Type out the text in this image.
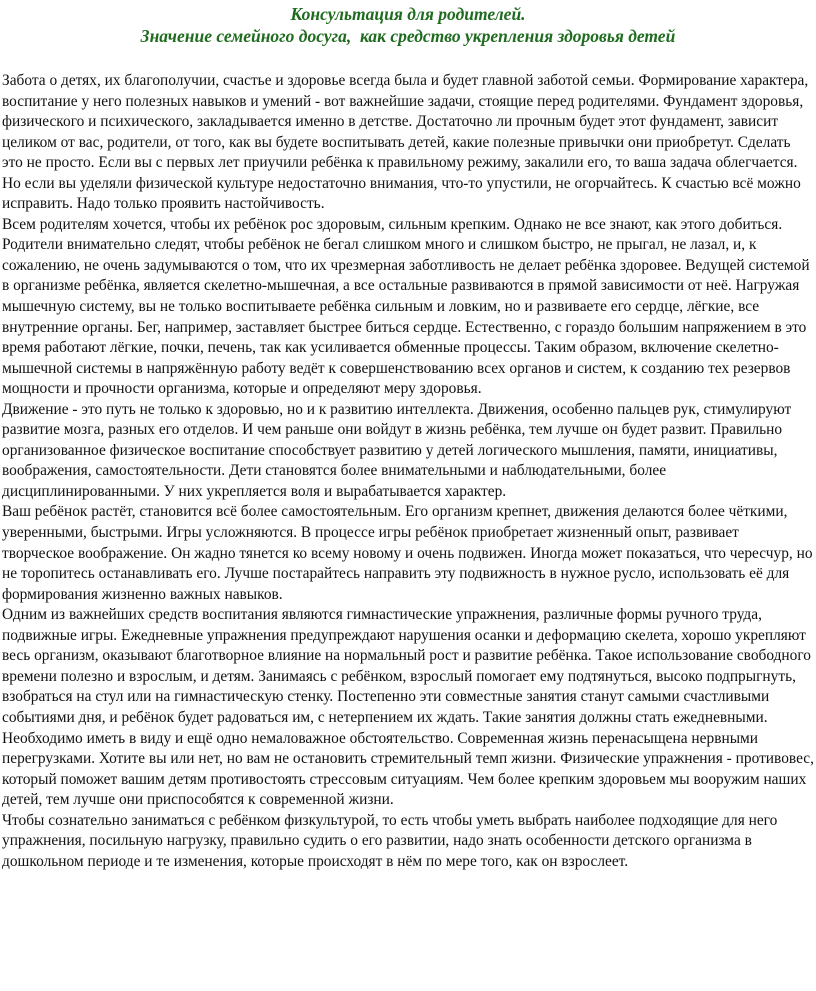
Консультация для родителей.
Значение семейного досуга,  как средство укрепления здоровья детей

Забота о детях, их благополучии, счастье и здоровье всегда была и будет главной заботой семьи. Формирование характера, воспитание у него полезных навыков и умений - вот важнейшие задачи, стоящие перед родителями. Фундамент здоровья, физического и психического, закладывается именно в детстве. Достаточно ли прочным будет этот фундамент, зависит целиком от вас, родители, от того, как вы будете воспитывать детей, какие полезные привычки они приобретут. Сделать это не просто. Если вы с первых лет приучили ребёнка к правильному режиму, закалили его, то ваша задача облегчается. Но если вы уделяли физической культуре недостаточно внимания, что-то упустили, не огорчайтесь. К счастью всё можно исправить. Надо только проявить настойчивость.

Всем родителям хочется, чтобы их ребёнок рос здоровым, сильным крепким. Однако не все знают, как этого добиться. Родители внимательно следят, чтобы ребёнок не бегал слишком много и слишком быстро, не прыгал, не лазал, и, к сожалению, не очень задумываются о том, что их чрезмерная заботливость не делает ребёнка здоровее. Ведущей системой в организме ребёнка, является скелетно-мышечная, а все остальные развиваются в прямой зависимости от неё. Нагружая мышечную систему, вы не только воспитываете ребёнка сильным и ловким, но и развиваете его сердце, лёгкие, все внутренние органы. Бег, например, заставляет быстрее биться сердце. Естественно, с гораздо большим напряжением в это время работают лёгкие, почки, печень, так как усиливается обменные процессы. Таким образом, включение скелетно-мышечной системы в напряжённую работу ведёт к совершенствованию всех органов и систем, к созданию тех резервов мощности и прочности организма, которые и определяют меру здоровья.

Движение - это путь не только к здоровью, но и к развитию интеллекта. Движения, особенно пальцев рук, стимулируют развитие мозга, разных его отделов. И чем раньше они войдут в жизнь ребёнка, тем лучше он будет развит. Правильно организованное физическое воспитание способствует развитию у детей логического мышления, памяти, инициативы, воображения, самостоятельности. Дети становятся более внимательными и наблюдательными, более дисциплинированными. У них укрепляется воля и вырабатывается характер.

Ваш ребёнок растёт, становится всё более самостоятельным. Его организм крепнет, движения делаются более чёткими, уверенными, быстрыми. Игры усложняются. В процессе игры ребёнок приобретает жизненный опыт, развивает творческое воображение. Он жадно тянется ко всему новому и очень подвижен. Иногда может показаться, что чересчур, но не торопитесь останавливать его. Лучше постарайтесь направить эту подвижность в нужное русло, использовать её для формирования жизненно важных навыков.

Одним из важнейших средств воспитания являются гимнастические упражнения, различные формы ручного труда, подвижные игры. Ежедневные упражнения предупреждают нарушения осанки и деформацию скелета, хорошо укрепляют весь организм, оказывают благотворное влияние на нормальный рост и развитие ребёнка. Такое использование свободного времени полезно и взрослым, и детям. Занимаясь с ребёнком, взрослый помогает ему подтянуться, высоко подпрыгнуть, взобраться на стул или на гимнастическую стенку. Постепенно эти совместные занятия станут самыми счастливыми событиями дня, и ребёнок будет радоваться им, с нетерпением их ждать. Такие занятия должны стать ежедневными.

Необходимо иметь в виду и ещё одно немаловажное обстоятельство. Современная жизнь перенасыщена нервными перегрузками. Хотите вы или нет, но вам не остановить стремительный темп жизни. Физические упражнения - противовес, который поможет вашим детям противостоять стрессовым ситуациям. Чем более крепким здоровьем мы вооружим наших детей, тем лучше они приспособятся к современной жизни.

Чтобы сознательно заниматься с ребёнком физкультурой, то есть чтобы уметь выбрать наиболее подходящие для него упражнения, посильную нагрузку, правильно судить о его развитии, надо знать особенности детского организма в дошкольном периоде и те изменения, которые происходят в нём по мере того, как он взрослеет.
